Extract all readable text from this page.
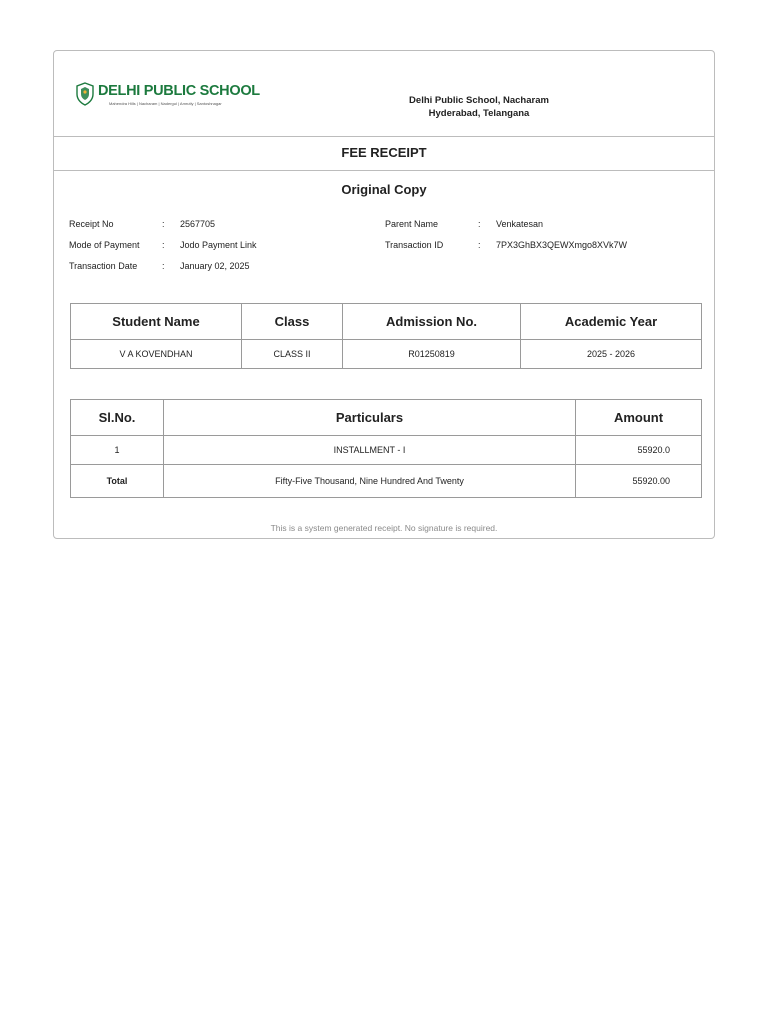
DELHI PUBLIC SCHOOL
Mahendra Hills | Nacharam | Nadergul | Amrutly | Santoshnagar	Delhi Public School, Nacharam
Hyderabad, Telangana
FEE RECEIPT
Original Copy
Receipt No	: 2567705
Mode of Payment : Jodo Payment Link
Transaction Date	: January 02, 2025
Parent Name	: Venkatesan
Transaction ID	: 7PX3GhBX3QEWXmgo8XVk7W
Student Name	Class	Admission No.	Academic Year
V A KOVENDHAN	CLASS II	R01250819	2025 - 2026
Sl.No.	Particulars	Amount
1	INSTALLMENT - I	55920.0
Total	Fifty-Five Thousand, Nine Hundred And Twenty	55920.00
This is a system generated receipt. No signature is required.
